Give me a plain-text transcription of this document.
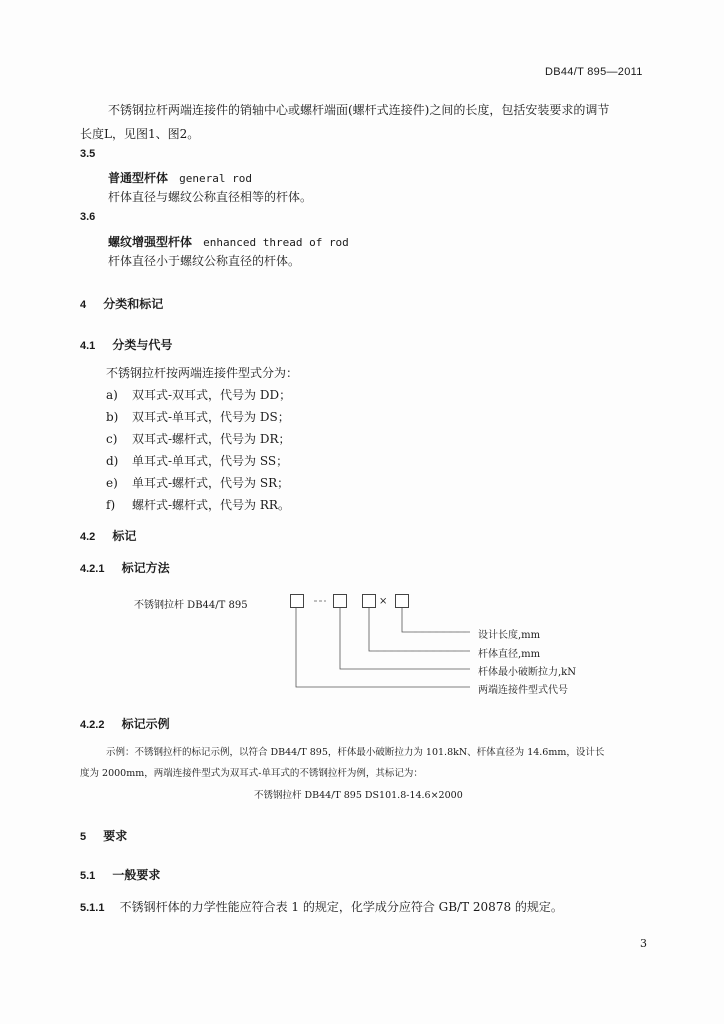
DB44/T 895—2011
不锈钢拉杆两端连接件的销轴中心或螺杆端面(螺杆式连接件)之间的长度，包括安装要求的调节
长度L，见图1、图2。
3.5
普通型杆体 general rod
杆体直径与螺纹公称直径相等的杆体。
3.6
螺纹增强型杆体 enhanced thread of rod
杆体直径小于螺纹公称直径的杆体。
4 分类和标记
4.1 分类与代号
不锈钢拉杆按两端连接件型式分为：
a) 双耳式-双耳式，代号为 DD；
b) 双耳式-单耳式，代号为 DS；
c) 双耳式-螺杆式，代号为 DR；
d) 单耳式-单耳式，代号为 SS；
e) 单耳式-螺杆式，代号为 SR；
f) 螺杆式-螺杆式，代号为 RR。
4.2 标记
4.2.1 标记方法
不锈钢拉杆 DB44/T 895	×
设计长度,mm
杆体直径,mm
杆体最小破断拉力,kN
两端连接件型式代号
4.2.2 标记示例
示例：不锈钢拉杆的标记示例，以符合 DB44/T 895，杆体最小破断拉力为 101.8kN、杆体直径为 14.6mm，设计长
度为 2000mm，两端连接件型式为双耳式-单耳式的不锈钢拉杆为例，其标记为：
不锈钢拉杆 DB44/T 895 DS101.8-14.6×2000
5 要求
5.1 一般要求
5.1.1 不锈钢杆体的力学性能应符合表 1 的规定，化学成分应符合 GB/T 20878 的规定。
3
